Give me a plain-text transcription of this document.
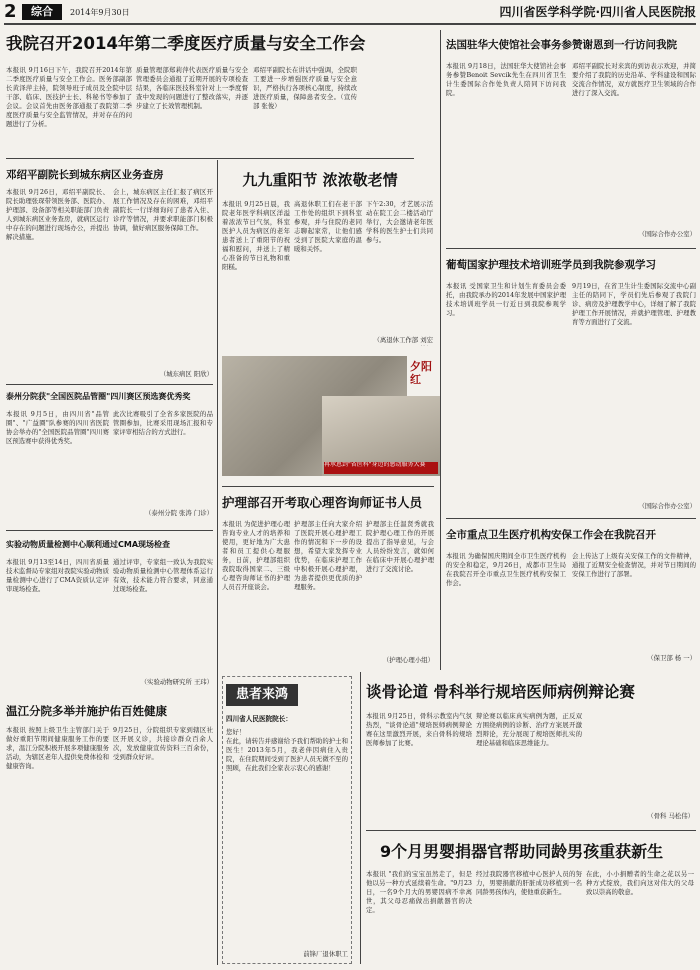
2	综合	2014年9月30日	四川省医学科学院·四川省人民医院报
我院召开2014年第二季度医疗质量与安全工作会
本报讯 9月16日下午，我院召开2014年第二季度医疗质量与安全工作会。医务部副部长黄泽萍主持，院领导班子成员及全院中层干部、临床、医技护士长、科秘书等参加了会议。会议首先由医务部通报了我院第二季度医疗质量与安全监管情况，并对存在的问题进行了分析。
质量管理部郑莉萍代表医疗质量与安全管理委员会通报了近期开展的专项检查结果，各临床医技科室针对上一季度督查中发现的问题进行了整改落实，并逐步建立了长效管理机制。
邓绍平副院长在讲话中强调，全院职工要进一步增强医疗质量与安全意识，严格执行各项核心制度，持续改进医疗质量，保障患者安全。（宣传部 张俊）
邓绍平副院长到城东病区业务查房
本报讯 9月26日，邓绍平副院长、院长助理张琛带领医务部、医院办、护理部、设备部等相关职能部门负责人到城东病区业务查房，就病区运行中存在的问题进行现场办公，并提出解决措施。
会上，城东病区主任汇报了病区开展工作情况及存在的困难，邓绍平副院长一行详细询问了患者入住、诊疗等情况，并要求职能部门积极协调，做好病区服务保障工作。
（城东病区 阳欣）
泰州分院获"全国医院品管圈"四川赛区预选赛优秀奖
本报讯 9月5日，由四川省"品管圈"、"广益圈"队参赛的四川省医院协会举办的"全国医院品管圈"四川赛区预选赛中获得优秀奖。
此次比赛吸引了全省多家医院的品管圈参加，比赛采用现场汇报和专家评审相结合的方式进行。
（泰州分院 张涛 门诊）
实验动物质量检测中心顺利通过CMA现场检查
本报讯 9月13至14日，四川省质量技术监督局专家组对我院实验动物质量检测中心进行了CMA资质认定评审现场检查。
通过评审，专家组一致认为我院实验动物质量检测中心管理体系运行有效，技术能力符合要求，同意通过现场检查。
（实验动物研究所 王玮）
温江分院多举并施护佑百姓健康
本报讯 按照上级卫生主管部门关于做好重阳节期间健康服务工作的要求，温江分院积极开展多项健康服务活动，为辖区老年人提供免费体检和健康咨询。
9月25日，分院组织专家到辖区社区开展义诊，共接诊群众百余人次，发放健康宣传资料三百余份，受到群众好评。
九九重阳节 浓浓敬老情
本报讯 9月25日晨，我院老年医学科病区洋溢着浓浓节日气氛，科室医护人员为病区的老年患者送上了重阳节的祝福和慰问，并送上了精心准备的节日礼物和重阳糕。
高退休职工们在老干部工作处的组织下到科室参观，并与住院的老同志聊起家常，让他们感受到了医院大家庭的温暖和关怀。
下午2:30，才艺展示活动在院工会二楼活动厅举行，大会邀请老年医学科的医生护士们共同参与。
（离退休工作部 刘宏
夕阳红
再承恩到"省医科"身边的感动服务大赛
护理部召开考取心理咨询师证书人员
本报讯 为促进护理心理咨询专业人才的培养和使用，更好地为广大患者和员工提供心理服务，日前，护理部组织我院取得国家二、三级心理咨询师证书的护理人员召开座谈会。
护理部主任向大家介绍了医院开展心理护理工作的情况和下一步的设想，希望大家发挥专业优势，在临床护理工作中积极开展心理护理，为患者提供更优质的护理服务。
护理部主任温贤秀就我院护理心理工作的开展提出了指导意见，与会人员纷纷发言，就如何在临床中开展心理护理进行了交流讨论。
（护理心理小组）
患者来鸿
四川省人民医院院长：
您好！
在此，请转告并感谢给予我们帮助的护士和医生！2013年5月，我老伴因病住入贵院，在住院期间受到了医护人员无微不至的照顾，在此我们全家表示衷心的感谢！
前锋厂退休职工
谈骨论道 骨科举行规培医师病例辩论赛
本报讯 9月25日，骨科示教室内气氛热烈，"谈骨论道"规培医师病例辩论赛在这里激烈开展，来自骨科的规培医师参加了比赛。
辩论赛以临床真实病例为题，正反双方围绕病例的诊断、治疗方案展开激烈辩论，充分展现了规培医师扎实的理论基础和临床思维能力。
（骨科 马松伟）
9个月男婴捐器官帮助同龄男孩重获新生
本报讯 "我们的宝宝虽然走了，但是他以另一种方式延续着生命。"9月23日，一名9个月大的男婴因病不幸离世，其父母忍痛做出捐献器官的决定。
经过我院器官移植中心医护人员的努力，男婴捐献的肝脏成功移植到一名同龄男孩体内，使他重获新生。
在此，小小捐赠者的生命之花以另一种方式绽放，我们向这对伟大的父母致以崇高的敬意。
法国驻华大使馆社会事务参赞谢恩到一行访问我院
本报讯 9月18日，法国驻华大使馆社会事务参赞Benoit Sevcik先生在四川省卫生计生委国际合作处负责人陪同下访问我院。
邓绍平副院长对来宾的到访表示欢迎，并简要介绍了我院的历史沿革、学科建设和国际交流合作情况，双方就医疗卫生领域的合作进行了深入交流。
（国际合作办公室）
葡萄国家护理技术培训班学员到我院参观学习
本报讯 受国家卫生和计划生育委员会委托，由我院承办的2014年发展中国家护理技术培训班学员一行近日到我院参观学习。
9月19日，在省卫生计生委国际交流中心副主任的陪同下，学员们先后参观了我院门诊、病房及护理教学中心，详细了解了我院护理工作开展情况，并就护理管理、护理教育等方面进行了交流。
（国际合作办公室）
全市重点卫生医疗机构安保工作会在我院召开
本报讯 为确保国庆期间全市卫生医疗机构的安全和稳定，9月26日，成都市卫生局在我院召开全市重点卫生医疗机构安保工作会。
会上传达了上级有关安保工作的文件精神，通报了近期安全检查情况，并对节日期间的安保工作进行了部署。
（保卫部 杨 一）
